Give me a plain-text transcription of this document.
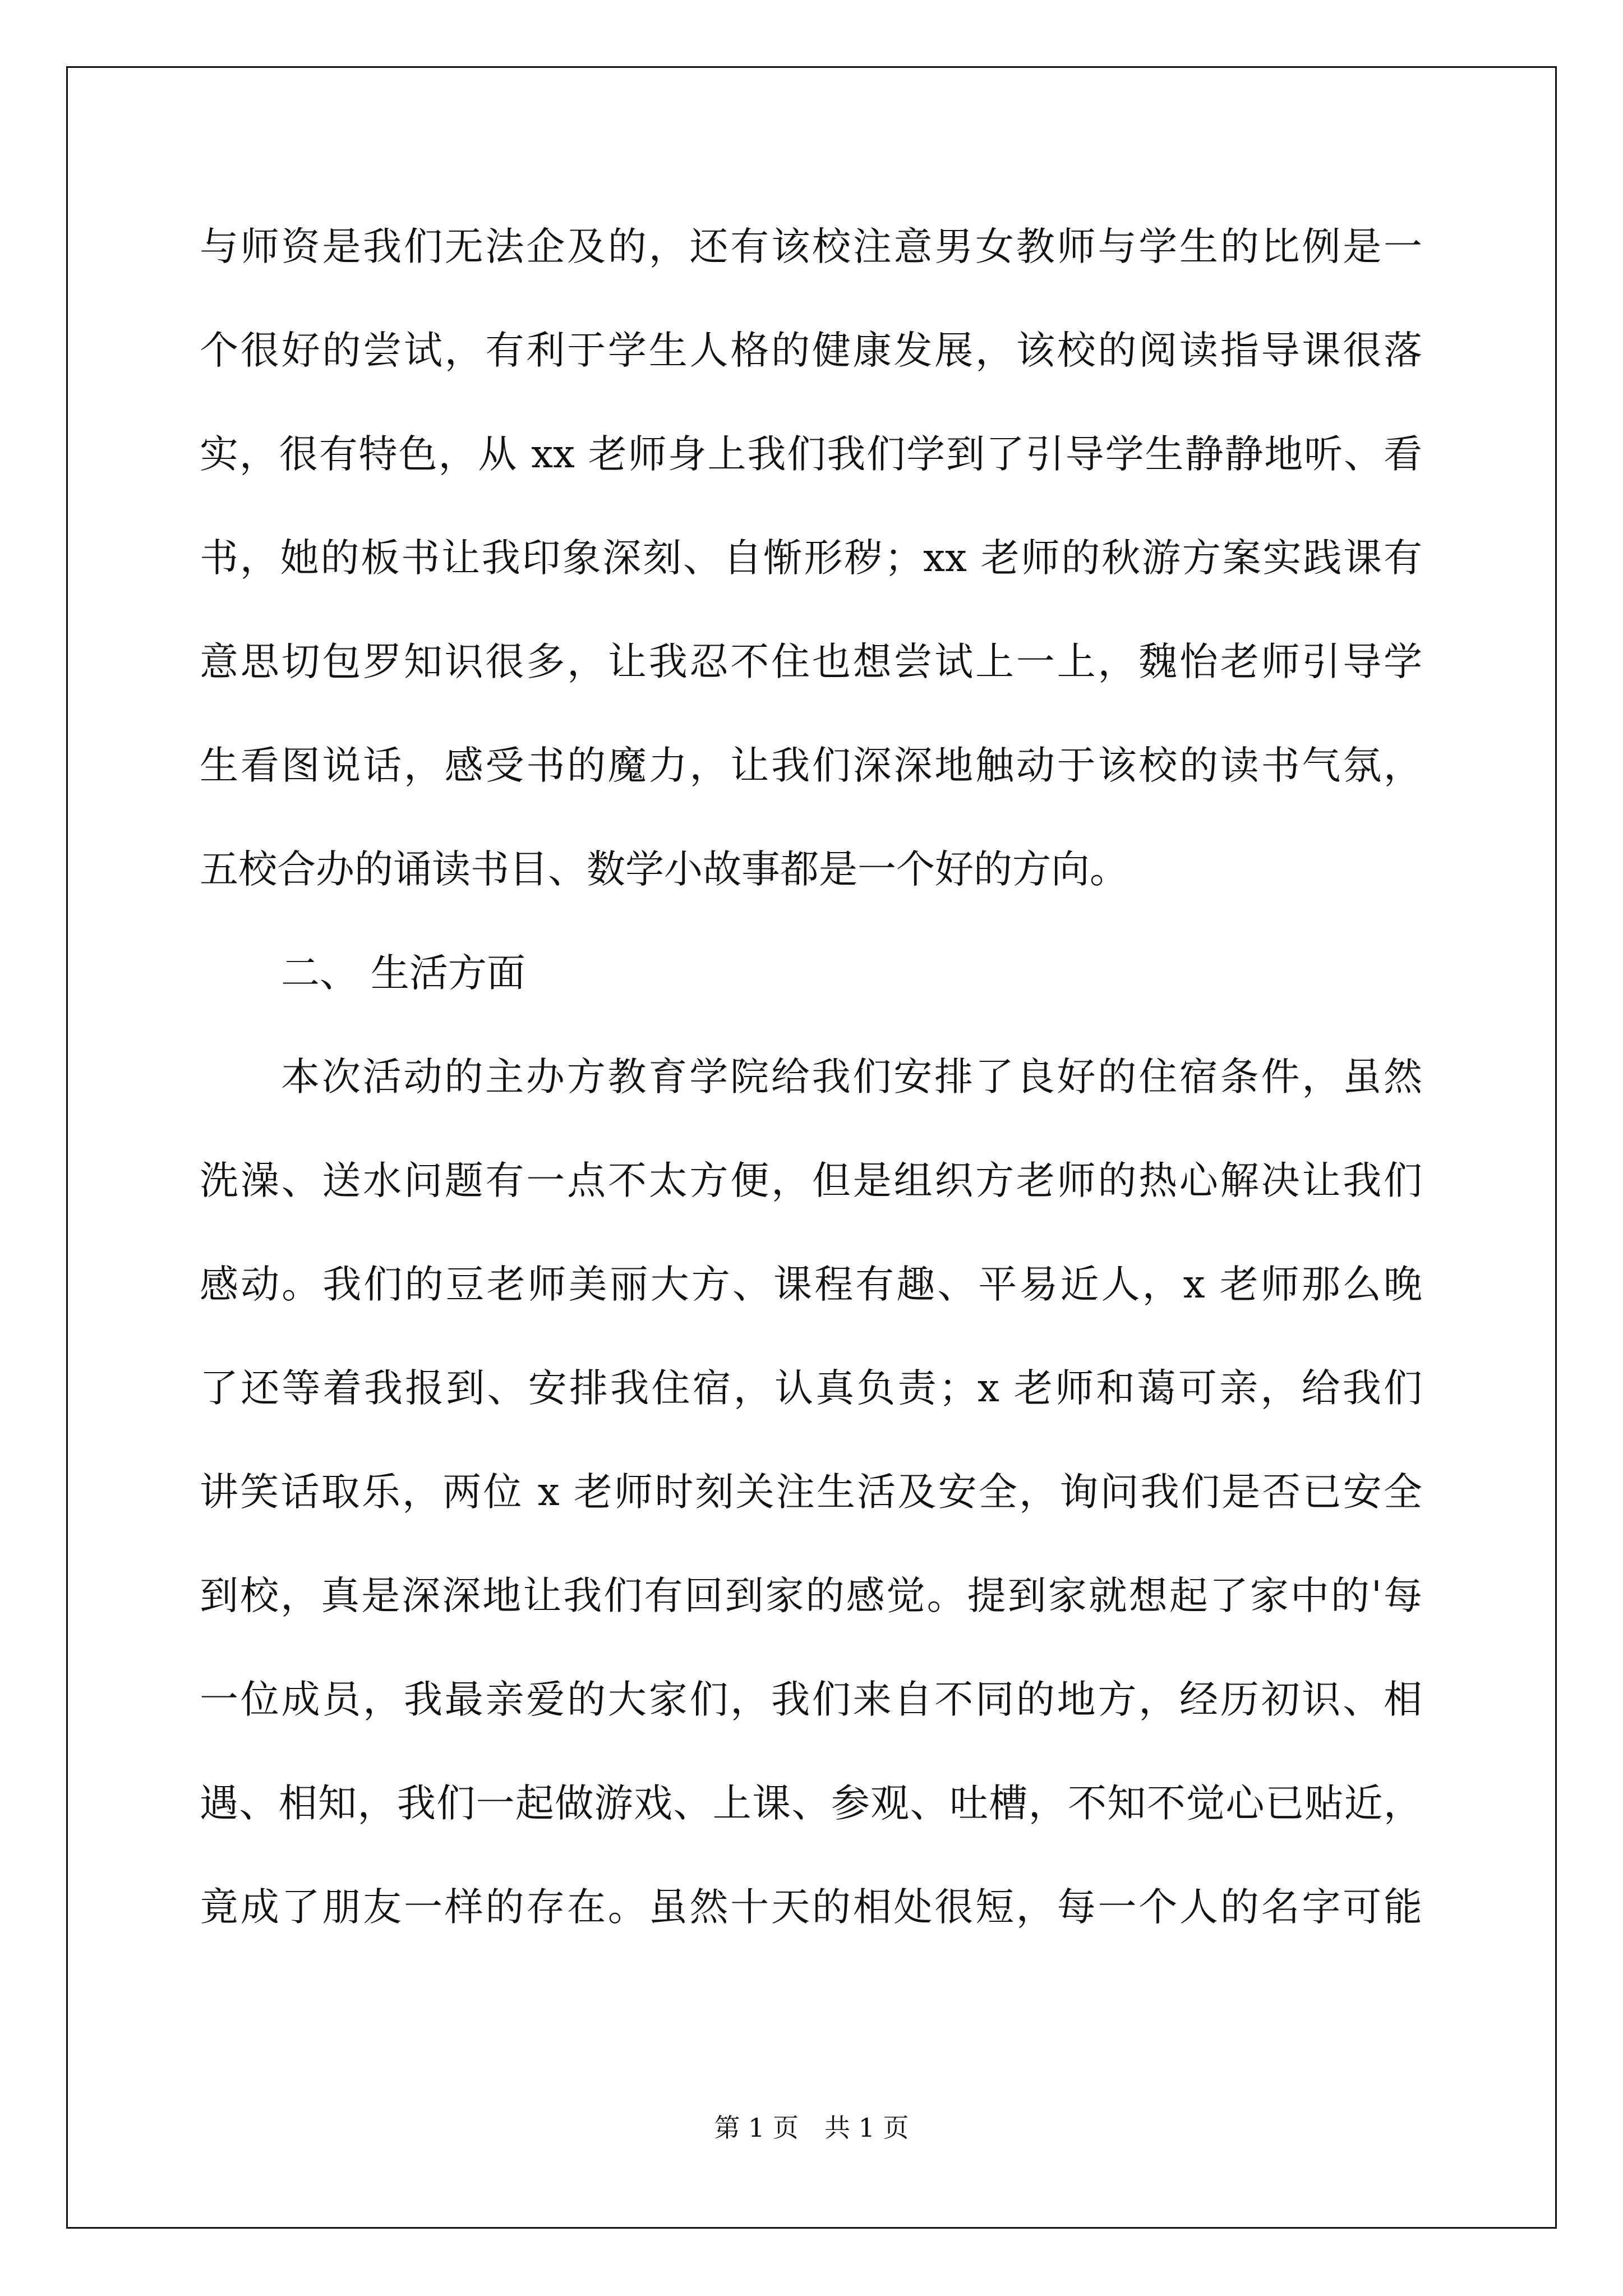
与师资是我们无法企及的，还有该校注意男女教师与学生的比例是一
个很好的尝试，有利于学生人格的健康发展，该校的阅读指导课很落
实，很有特色，从 xx 老师身上我们我们学到了引导学生静静地听、看
书，她的板书让我印象深刻、自惭形秽；xx 老师的秋游方案实践课有
意思切包罗知识很多，让我忍不住也想尝试上一上，魏怡老师引导学
生看图说话，感受书的魔力，让我们深深地触动于该校的读书气氛，
五校合办的诵读书目、数学小故事都是一个好的方向。
二、 生活方面
本次活动的主办方教育学院给我们安排了良好的住宿条件，虽然
洗澡、送水问题有一点不太方便，但是组织方老师的热心解决让我们
感动。我们的豆老师美丽大方、课程有趣、平易近人，x 老师那么晚
了还等着我报到、安排我住宿，认真负责；x 老师和蔼可亲，给我们
讲笑话取乐，两位 x 老师时刻关注生活及安全，询问我们是否已安全
到校，真是深深地让我们有回到家的感觉。提到家就想起了家中的'每
一位成员，我最亲爱的大家们，我们来自不同的地方，经历初识、相
遇、相知，我们一起做游戏、上课、参观、吐槽，不知不觉心已贴近，
竟成了朋友一样的存在。虽然十天的相处很短，每一个人的名字可能
第 1 页　共 1 页
